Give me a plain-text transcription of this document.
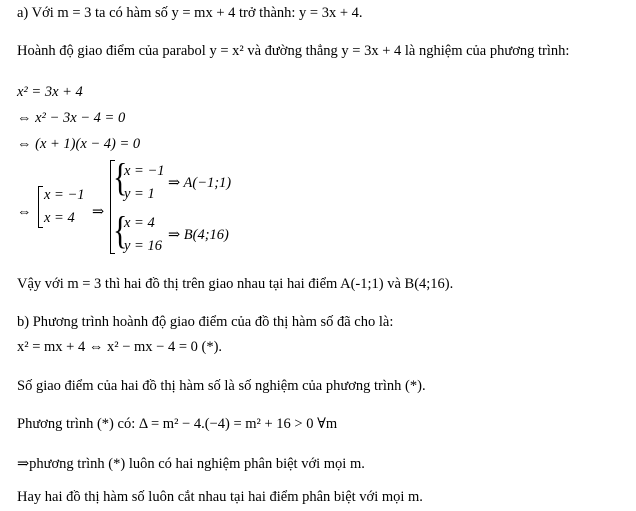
a) Với m = 3 ta có hàm số y = mx + 4 trở thành: y = 3x + 4.
Hoành độ giao điểm của parabol y = x² và đường thẳng y = 3x + 4 là nghiệm của phương trình:
x² = 3x + 4
⇔ x² − 3x − 4 = 0
⇔ (x + 1)(x − 4) = 0
⇔
x = −1
x = 4 ⇒
{
x = −1
y = 1
⇒ A(−1;1)
{
x = 4
y = 16
⇒ B(4;16)
Vậy với m = 3 thì hai đồ thị trên giao nhau tại hai điểm A(-1;1) và B(4;16).
b) Phương trình hoành độ giao điểm của đồ thị hàm số đã cho là:
x² = mx + 4 ⇔ x² − mx − 4 = 0 (*).
Số giao điểm của hai đồ thị hàm số là số nghiệm của phương trình (*).
Phương trình (*) có: Δ = m² − 4.(−4) = m² + 16 > 0 ∀m
⇒phương trình (*) luôn có hai nghiệm phân biệt với mọi m.
Hay hai đồ thị hàm số luôn cắt nhau tại hai điểm phân biệt với mọi m.
